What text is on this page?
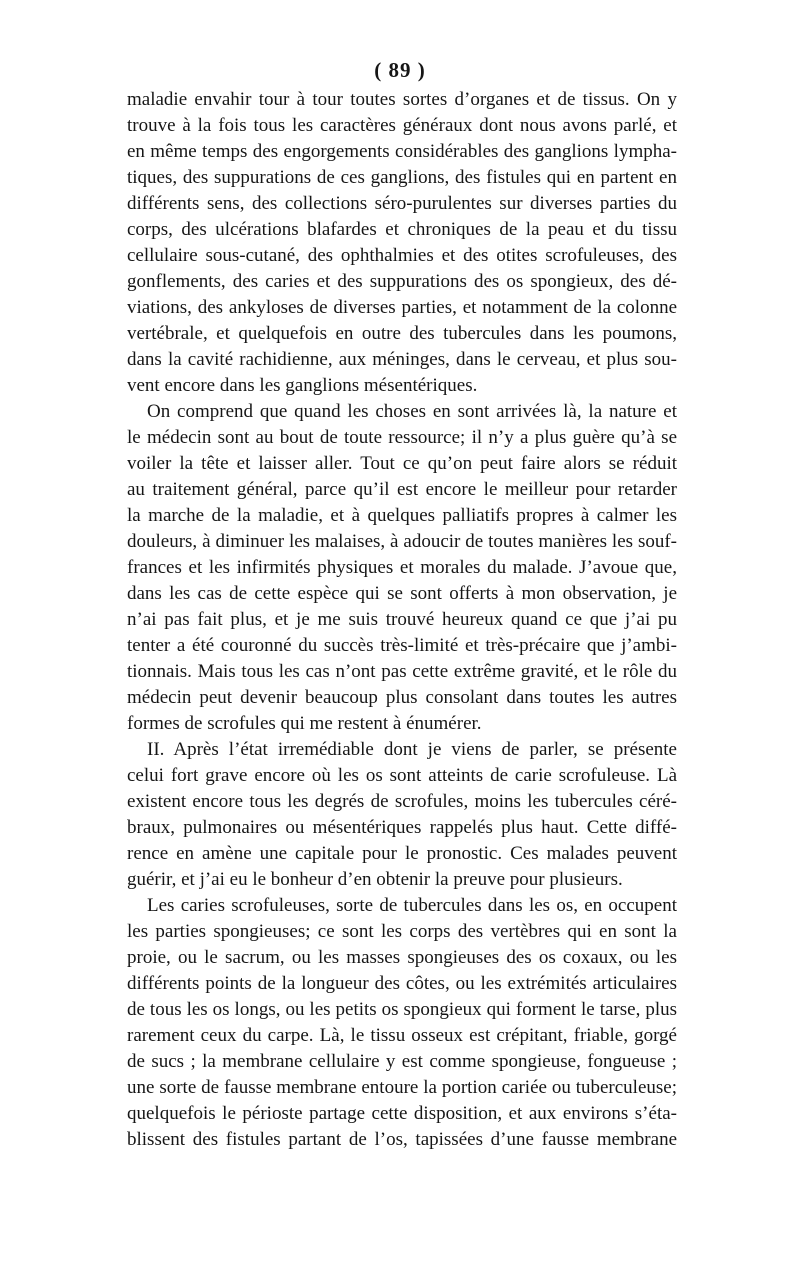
( 89 )
maladie envahir tour à tour toutes sortes d’organes et de tissus. On y
trouve à la fois tous les caractères généraux dont nous avons parlé, et
en même temps des engorgements considérables des ganglions lympha-
tiques, des suppurations de ces ganglions, des fistules qui en partent en
différents sens, des collections séro-purulentes sur diverses parties du
corps, des ulcérations blafardes et chroniques de la peau et du tissu
cellulaire sous-cutané, des ophthalmies et des otites scrofuleuses, des
gonflements, des caries et des suppurations des os spongieux, des dé-
viations, des ankyloses de diverses parties, et notamment de la colonne
vertébrale, et quelquefois en outre des tubercules dans les poumons,
dans la cavité rachidienne, aux méninges, dans le cerveau, et plus sou-
vent encore dans les ganglions mésentériques.
On comprend que quand les choses en sont arrivées là, la nature et
le médecin sont au bout de toute ressource; il n’y a plus guère qu’à se
voiler la tête et laisser aller. Tout ce qu’on peut faire alors se réduit
au traitement général, parce qu’il est encore le meilleur pour retarder
la marche de la maladie, et à quelques palliatifs propres à calmer les
douleurs, à diminuer les malaises, à adoucir de toutes manières les souf-
frances et les infirmités physiques et morales du malade. J’avoue que,
dans les cas de cette espèce qui se sont offerts à mon observation, je
n’ai pas fait plus, et je me suis trouvé heureux quand ce que j’ai pu
tenter a été couronné du succès très-limité et très-précaire que j’ambi-
tionnais. Mais tous les cas n’ont pas cette extrême gravité, et le rôle du
médecin peut devenir beaucoup plus consolant dans toutes les autres
formes de scrofules qui me restent à énumérer.
II. Après l’état irremédiable dont je viens de parler, se présente
celui fort grave encore où les os sont atteints de carie scrofuleuse. Là
existent encore tous les degrés de scrofules, moins les tubercules céré-
braux, pulmonaires ou mésentériques rappelés plus haut. Cette diffé-
rence en amène une capitale pour le pronostic. Ces malades peuvent
guérir, et j’ai eu le bonheur d’en obtenir la preuve pour plusieurs.
Les caries scrofuleuses, sorte de tubercules dans les os, en occupent
les parties spongieuses; ce sont les corps des vertèbres qui en sont la
proie, ou le sacrum, ou les masses spongieuses des os coxaux, ou les
différents points de la longueur des côtes, ou les extrémités articulaires
de tous les os longs, ou les petits os spongieux qui forment le tarse, plus
rarement ceux du carpe. Là, le tissu osseux est crépitant, friable, gorgé
de sucs ; la membrane cellulaire y est comme spongieuse, fongueuse ;
une sorte de fausse membrane entoure la portion cariée ou tuberculeuse;
quelquefois le périoste partage cette disposition, et aux environs s’éta-
blissent des fistules partant de l’os, tapissées d’une fausse membrane
